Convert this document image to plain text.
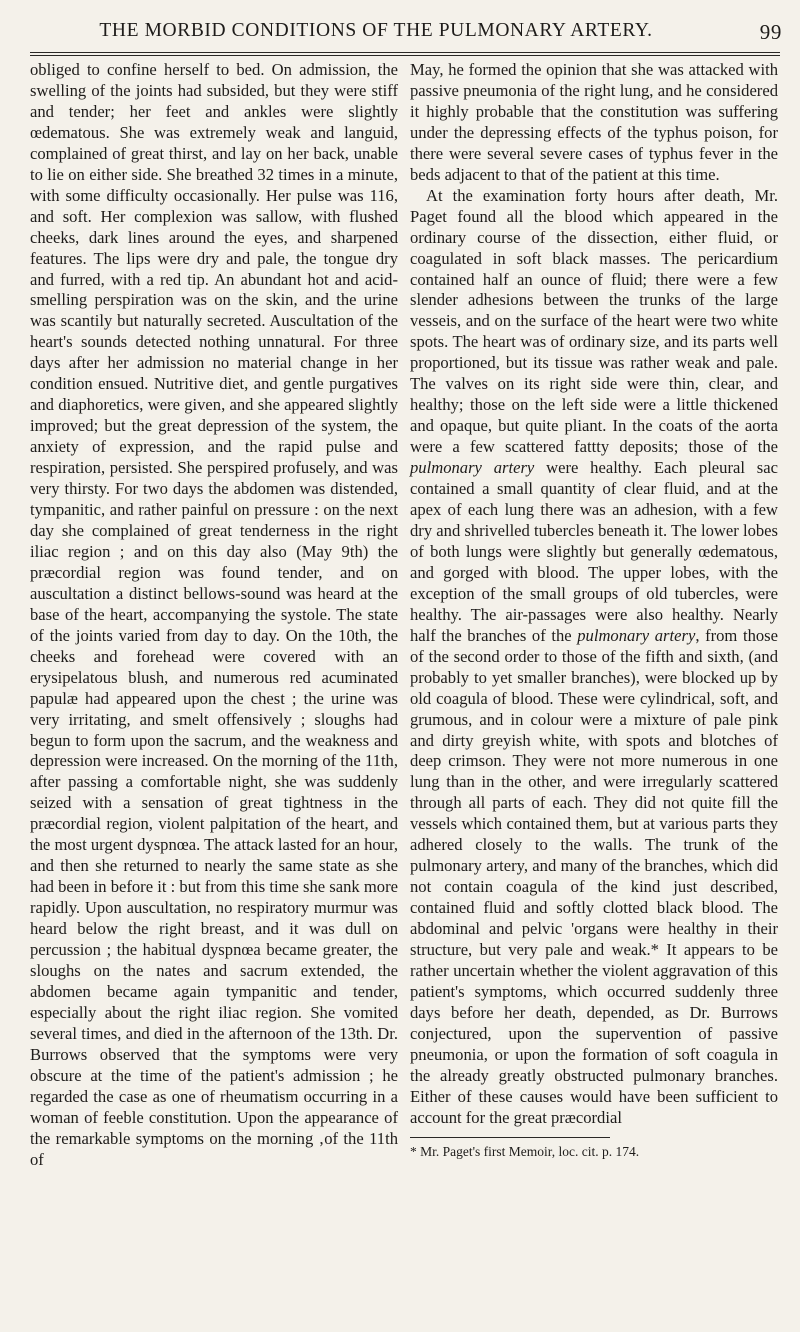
THE MORBID CONDITIONS OF THE PULMONARY ARTERY.	99

obliged to confine herself to bed. On admission, the swelling of the joints had subsided, but they were stiff and tender; her feet and ankles were slightly œdematous. She was extremely weak and languid, complained of great thirst, and lay on her back, unable to lie on either side. She breathed 32 times in a minute, with some difficulty occasionally. Her pulse was 116, and soft. Her complexion was sallow, with flushed cheeks, dark lines around the eyes, and sharpened features. The lips were dry and pale, the tongue dry and furred, with a red tip. An abundant hot and acid-smelling perspiration was on the skin, and the urine was scantily but naturally secreted. Auscultation of the heart's sounds detected nothing unnatural. For three days after her admission no material change in her condition ensued. Nutritive diet, and gentle purgatives and diaphoretics, were given, and she appeared slightly improved; but the great depression of the system, the anxiety of expression, and the rapid pulse and respiration, persisted. She perspired profusely, and was very thirsty. For two days the abdomen was distended, tympanitic, and rather painful on pressure : on the next day she complained of great tenderness in the right iliac region ; and on this day also (May 9th) the præcordial region was found tender, and on auscultation a distinct bellows-sound was heard at the base of the heart, accompanying the systole. The state of the joints varied from day to day. On the 10th, the cheeks and forehead were covered with an erysipelatous blush, and numerous red acuminated papulæ had appeared upon the chest ; the urine was very irritating, and smelt offensively ; sloughs had begun to form upon the sacrum, and the weakness and depression were increased. On the morning of the 11th, after passing a comfortable night, she was suddenly seized with a sensation of great tightness in the præcordial region, violent palpitation of the heart, and the most urgent dyspnœa. The attack lasted for an hour, and then she returned to nearly the same state as she had been in before it : but from this time she sank more rapidly. Upon auscultation, no respiratory murmur was heard below the right breast, and it was dull on percussion ; the habitual dyspnœa became greater, the sloughs on the nates and sacrum extended, the abdomen became again tympanitic and tender, especially about the right iliac region. She vomited several times, and died in the afternoon of the 13th. Dr. Burrows observed that the symptoms were very obscure at the time of the patient's admission ; he regarded the case as one of rheumatism occurring in a woman of feeble constitution. Upon the appearance of the remarkable symptoms on the morning ‚of the 11th of

May, he formed the opinion that she was attacked with passive pneumonia of the right lung, and he considered it highly probable that the constitution was suffering under the depressing effects of the typhus poison, for there were several severe cases of typhus fever in the beds adjacent to that of the patient at this time.

At the examination forty hours after death, Mr. Paget found all the blood which appeared in the ordinary course of the dissection, either fluid, or coagulated in soft black masses. The pericardium contained half an ounce of fluid; there were a few slender adhesions between the trunks of the large vesseis, and on the surface of the heart were two white spots. The heart was of ordinary size, and its parts well proportioned, but its tissue was rather weak and pale. The valves on its right side were thin, clear, and healthy; those on the left side were a little thickened and opaque, but quite pliant. In the coats of the aorta were a few scattered fattty deposits; those of the pulmonary artery were healthy. Each pleural sac contained a small quantity of clear fluid, and at the apex of each lung there was an adhesion, with a few dry and shrivelled tubercles beneath it. The lower lobes of both lungs were slightly but generally œdematous, and gorged with blood. The upper lobes, with the exception of the small groups of old tubercles, were healthy. The air-passages were also healthy. Nearly half the branches of the pulmonary artery, from those of the second order to those of the fifth and sixth, (and probably to yet smaller branches), were blocked up by old coagula of blood. These were cylindrical, soft, and grumous, and in colour were a mixture of pale pink and dirty greyish white, with spots and blotches of deep crimson. They were not more numerous in one lung than in the other, and were irregularly scattered through all parts of each. They did not quite fill the vessels which contained them, but at various parts they adhered closely to the walls. The trunk of the pulmonary artery, and many of the branches, which did not contain coagula of the kind just described, contained fluid and softly clotted black blood. The abdominal and pelvic 'organs were healthy in their structure, but very pale and weak.* It appears to be rather uncertain whether the violent aggravation of this patient's symptoms, which occurred suddenly three days before her death, depended, as Dr. Burrows conjectured, upon the supervention of passive pneumonia, or upon the formation of soft coagula in the already greatly obstructed pulmonary branches. Either of these causes would have been sufficient to account for the great præcordial

* Mr. Paget's first Memoir, loc. cit. p. 174.
